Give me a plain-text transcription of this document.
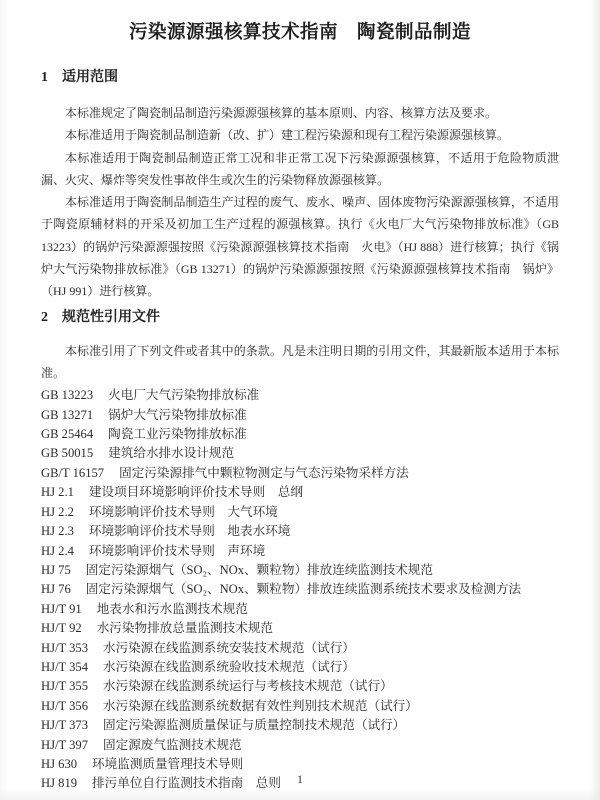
污染源源强核算技术指南　陶瓷制品制造
1 适用范围

本标准规定了陶瓷制品制造污染源源强核算的基本原则、内容、核算方法及要求。

本标准适用于陶瓷制品制造新（改、扩）建工程污染源和现有工程污染源源强核算。

本标准适用于陶瓷制品制造正常工况和非正常工况下污染源源强核算，不适用于危险物质泄漏、火灾、爆炸等突发性事故伴生或次生的污染物释放源强核算。

本标准适用于陶瓷制品制造生产过程的废气、废水、噪声、固体废物污染源源强核算，不适用于陶瓷原辅材料的开采及初加工生产过程的源强核算。执行《火电厂大气污染物排放标准》（GB 13223）的锅炉污染源源强按照《污染源源强核算技术指南　火电》（HJ 888）进行核算；执行《锅炉大气污染物排放标准》（GB 13271）的锅炉污染源源强按照《污染源源强核算技术指南　锅炉》（HJ 991）进行核算。

2 规范性引用文件

本标准引用了下列文件或者其中的条款。凡是未注明日期的引用文件，其最新版本适用于本标准。

GB 13223 火电厂大气污染物排放标准
GB 13271 锅炉大气污染物排放标准
GB 25464 陶瓷工业污染物排放标准
GB 50015 建筑给水排水设计规范
GB/T 16157 固定污染源排气中颗粒物测定与气态污染物采样方法
HJ 2.1 建设项目环境影响评价技术导则　总纲
HJ 2.2 环境影响评价技术导则　大气环境
HJ 2.3 环境影响评价技术导则　地表水环境
HJ 2.4 环境影响评价技术导则　声环境
HJ 75 固定污染源烟气（SO₂、NOx、颗粒物）排放连续监测技术规范
HJ 76 固定污染源烟气（SO₂、NOx、颗粒物）排放连续监测系统技术要求及检测方法
HJ/T 91 地表水和污水监测技术规范
HJ/T 92 水污染物排放总量监测技术规范
HJ/T 353 水污染源在线监测系统安装技术规范（试行）
HJ/T 354 水污染源在线监测系统验收技术规范（试行）
HJ/T 355 水污染源在线监测系统运行与考核技术规范（试行）
HJ/T 356 水污染源在线监测系统数据有效性判别技术规范（试行）
HJ/T 373 固定污染源监测质量保证与质量控制技术规范（试行）
HJ/T 397 固定源废气监测技术规范
HJ 630 环境监测质量管理技术导则
HJ 819 排污单位自行监测技术指南　总则	1
